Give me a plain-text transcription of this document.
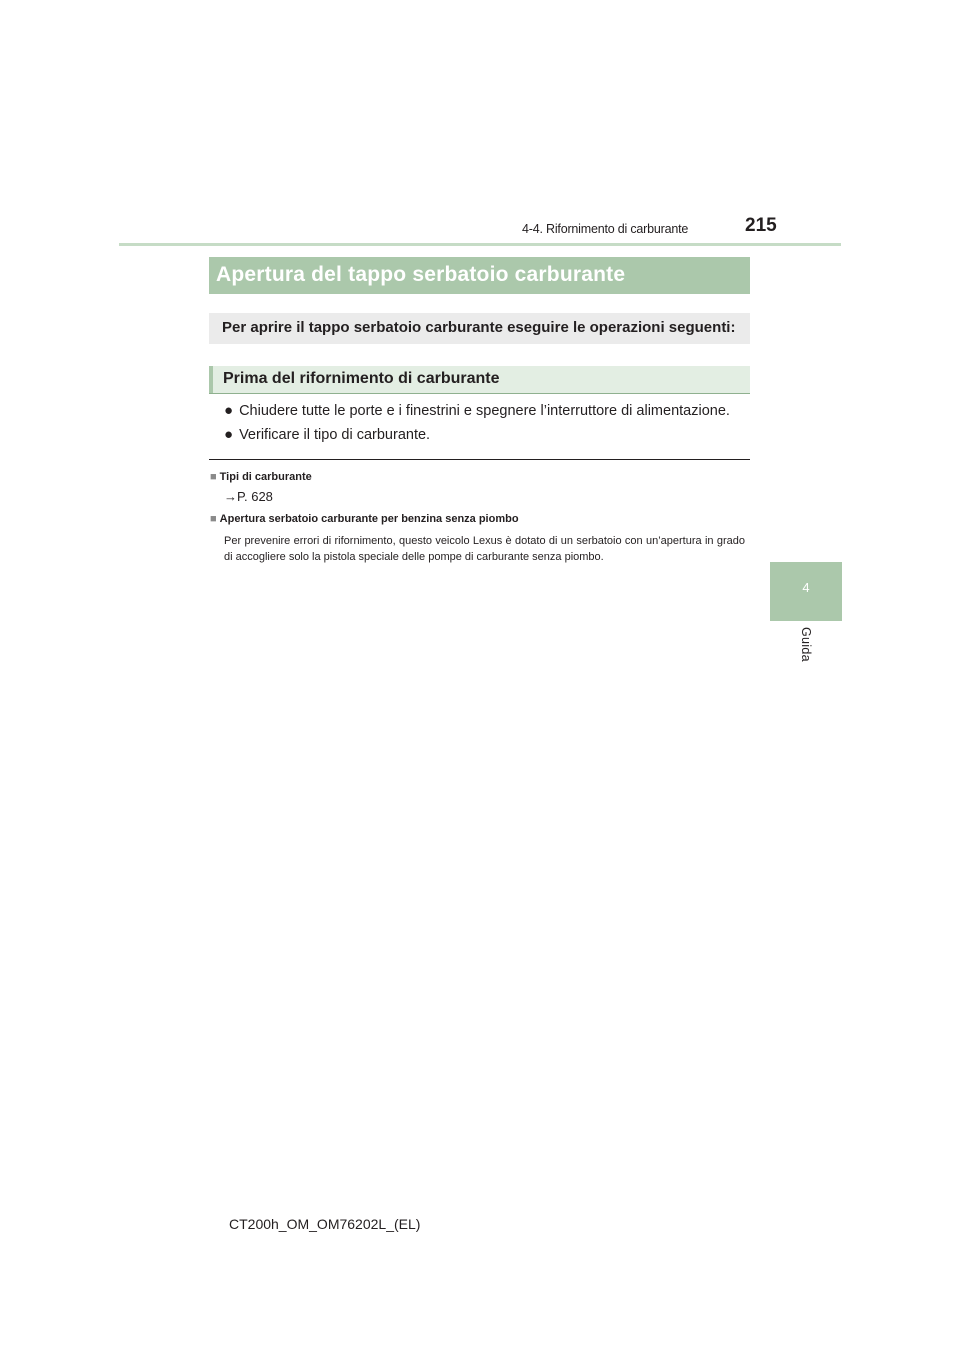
4-4. Rifornimento di carburante	215
4
Guida
Apertura del tappo serbatoio carburante
Per aprire il tappo serbatoio carburante eseguire le operazioni seguenti:
Prima del rifornimento di carburante
● Chiudere tutte le porte e i finestrini e spegnere l’interruttore di alimentazione.
● Verificare il tipo di carburante.
■ Tipi di carburante
→P. 628
■ Apertura serbatoio carburante per benzina senza piombo

Per prevenire errori di rifornimento, questo veicolo Lexus è dotato di un serbatoio con un’apertura in grado di accogliere solo la pistola speciale delle pompe di carburante senza piombo.

CT200h_OM_OM76202L_(EL)
